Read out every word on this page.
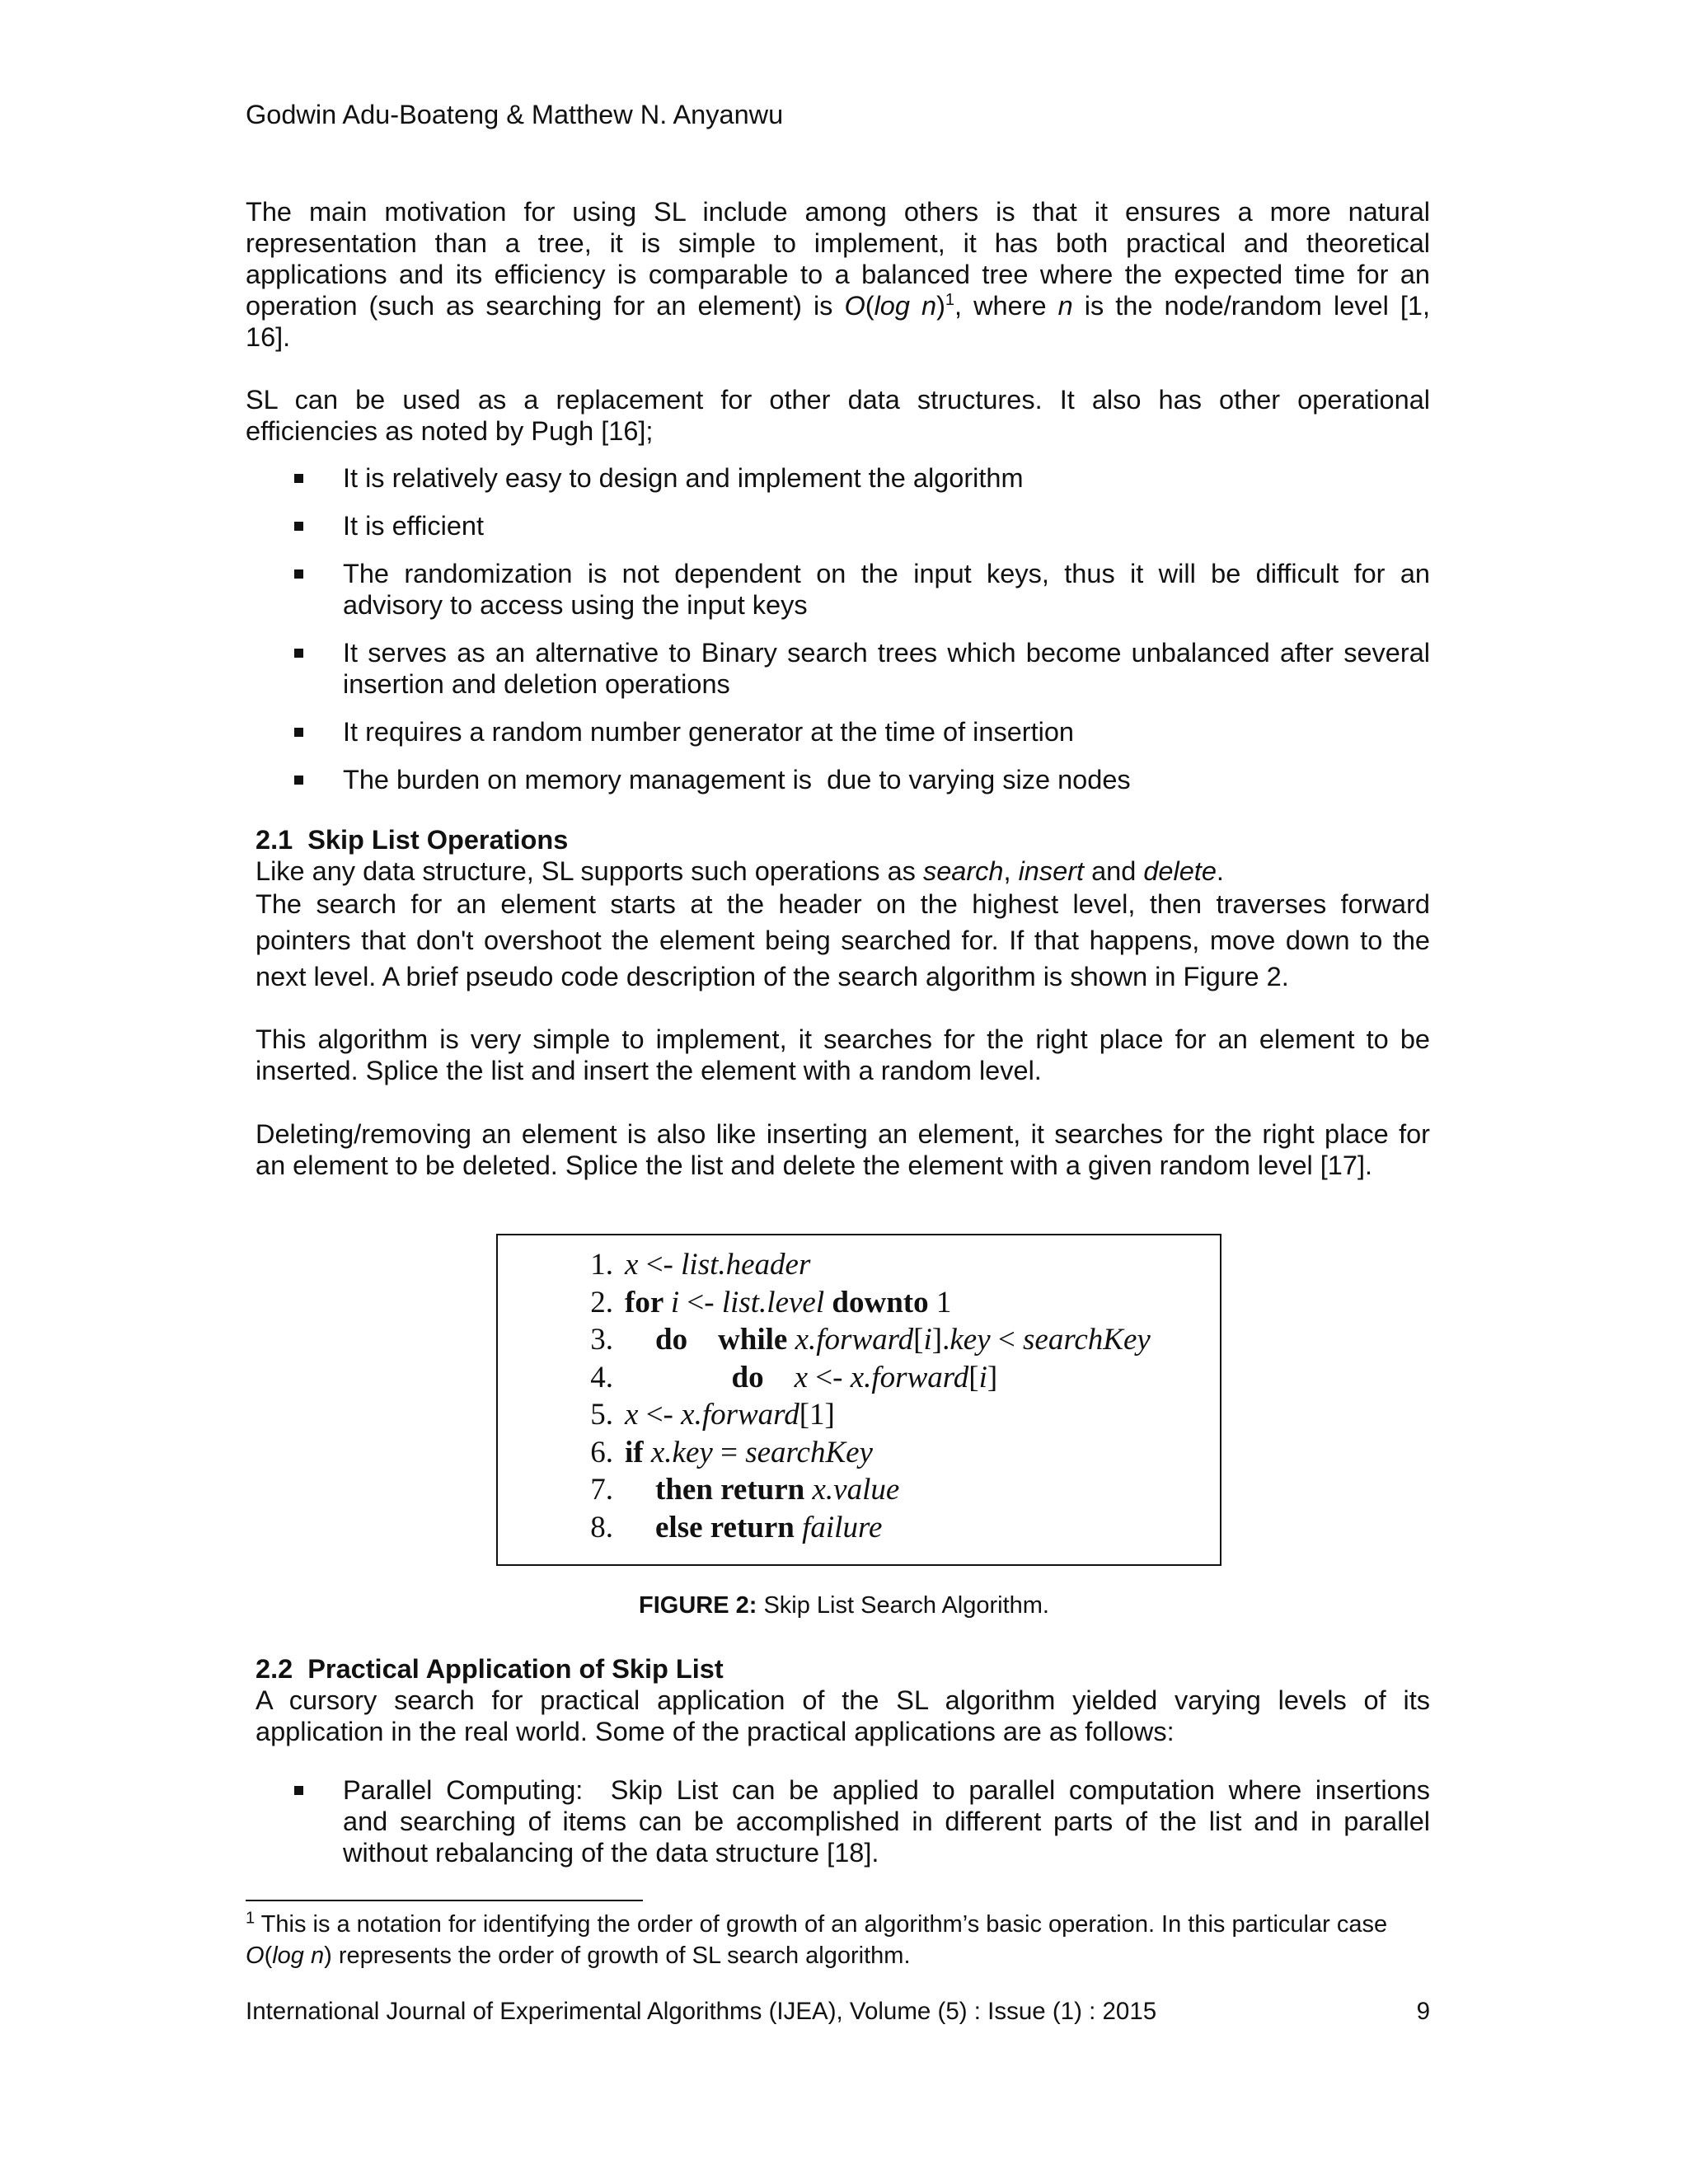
Godwin Adu-Boateng & Matthew N. Anyanwu
The main motivation for using SL include among others is that it ensures a more natural
representation than a tree, it is simple to implement, it has both practical and theoretical
applications and its efficiency is comparable to a balanced tree where the expected time for an
operation (such as searching for an element) is O(log n)$^1$, where n is the node/random level [1,
16].
SL can be used as a replacement for other data structures. It also has other operational
efficiencies as noted by Pugh [16];
It is relatively easy to design and implement the algorithm
It is efficient
The randomization is not dependent on the input keys, thus it will be difficult for an
advisory to access using the input keys
It serves as an alternative to Binary search trees which become unbalanced after several
insertion and deletion operations
It requires a random number generator at the time of insertion
The burden on memory management is  due to varying size nodes
2.1  Skip List Operations
Like any data structure, SL supports such operations as search, insert and delete.
The search for an element starts at the header on the highest level, then traverses forward
pointers that don't overshoot the element being searched for. If that happens, move down to the
next level. A brief pseudo code description of the search algorithm is shown in Figure 2.
This algorithm is very simple to implement, it searches for the right place for an element to be
inserted. Splice the list and insert the element with a random level.
Deleting/removing an element is also like inserting an element, it searches for the right place for
an element to be deleted. Splice the list and delete the element with a given random level [17].
1. x <- list.header
2. for i <- list.level downto 1
3.    do    while x.forward[i].key < searchKey
4.              do    x <- x.forward[i]
5. x <- x.forward[1]
6. if x.key = searchKey
7.    then return x.value
8.    else return failure
FIGURE 2: Skip List Search Algorithm.
2.2  Practical Application of Skip List
A cursory search for practical application of the SL algorithm yielded varying levels of its
application in the real world. Some of the practical applications are as follows:
Parallel Computing:  Skip List can be applied to parallel computation where insertions
and searching of items can be accomplished in different parts of the list and in parallel
without rebalancing of the data structure [18].
$^1$ This is a notation for identifying the order of growth of an algorithm’s basic operation. In this particular case
O(log n) represents the order of growth of SL search algorithm.
International Journal of Experimental Algorithms (IJEA), Volume (5) : Issue (1) : 2015	9
